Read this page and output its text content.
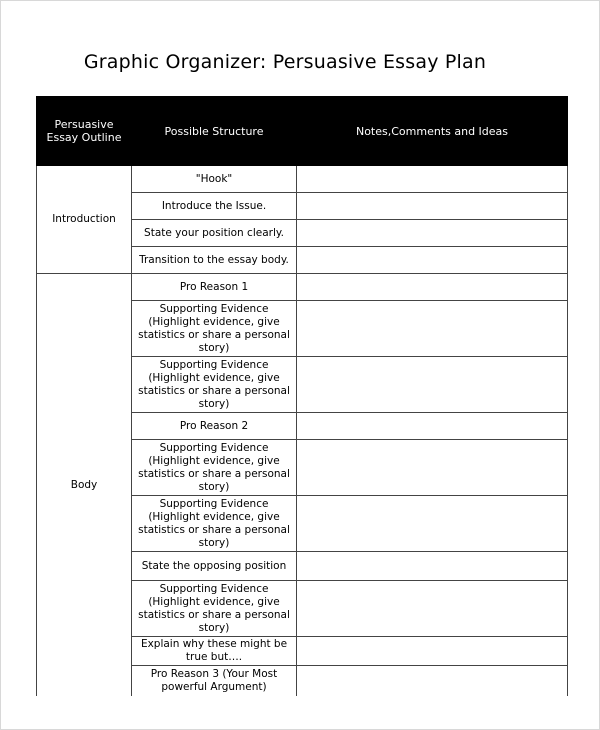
Graphic Organizer: Persuasive Essay Plan
Persuasive Essay Outline	Possible Structure	Notes,Comments and Ideas
Introduction	"Hook"	
	Introduce the Issue.	
	State your position clearly.	
	Transition to the essay body.	
Body	Pro Reason 1	
	Supporting Evidence (Highlight evidence, give statistics or share a personal story)	
	Supporting Evidence (Highlight evidence, give statistics or share a personal story)	
	Pro Reason 2	
	Supporting Evidence (Highlight evidence, give statistics or share a personal story)	
	Supporting Evidence (Highlight evidence, give statistics or share a personal story)	
	State the opposing position	
	Supporting Evidence (Highlight evidence, give statistics or share a personal story)	
	Explain why these might be true but….	
	Pro Reason 3 (Your Most powerful Argument)	
